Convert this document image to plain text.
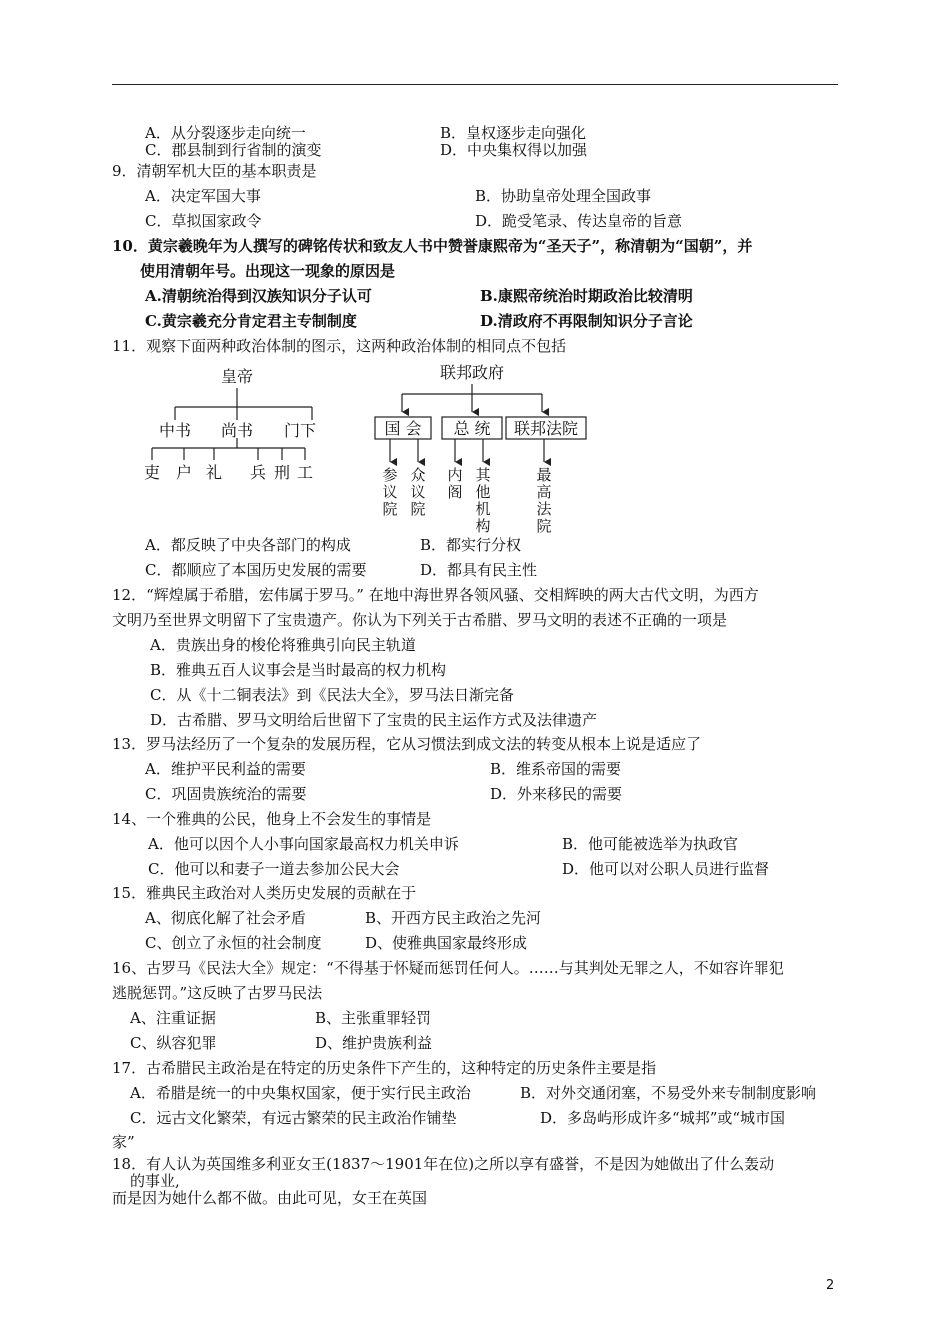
A．从分裂逐步走向统一	B．皇权逐步走向强化
C．郡县制到行省制的演变	D．中央集权得以加强
9．清朝军机大臣的基本职责是
A．决定军国大事	B．协助皇帝处理全国政事
C．草拟国家政令	D．跪受笔录、传达皇帝的旨意
10．黄宗羲晚年为人撰写的碑铭传状和致友人书中赞誉康熙帝为“圣天子”，称清朝为“国朝”，并
使用清朝年号。出现这一现象的原因是
A.清朝统治得到汉族知识分子认可	B.康熙帝统治时期政治比较清明
C.黄宗羲充分肯定君主专制制度	D.清政府不再限制知识分子言论
11．观察下面两种政治体制的图示，这两种政治体制的相同点不包括
皇帝
中书 尚书 门下
吏 户 礼 兵 刑 工
联邦政府
国 会 总 统 联邦法院
参议院
众议院
内阁
其他机构
最高法院
A．都反映了中央各部门的构成	B．都实行分权
C．都顺应了本国历史发展的需要	D．都具有民主性
12．“辉煌属于希腊，宏伟属于罗马。” 在地中海世界各领风骚、交相辉映的两大古代文明，为西方
文明乃至世界文明留下了宝贵遗产。你认为下列关于古希腊、罗马文明的表述不正确的一项是
A．贵族出身的梭伦将雅典引向民主轨道
B．雅典五百人议事会是当时最高的权力机构
C．从《十二铜表法》到《民法大全》，罗马法日渐完备
D．古希腊、罗马文明给后世留下了宝贵的民主运作方式及法律遗产
13．罗马法经历了一个复杂的发展历程，它从习惯法到成文法的转变从根本上说是适应了
A．维护平民利益的需要	B．维系帝国的需要
C．巩固贵族统治的需要	D．外来移民的需要
14、一个雅典的公民，他身上不会发生的事情是
A．他可以因个人小事向国家最高权力机关申诉	B．他可能被选举为执政官
C．他可以和妻子一道去参加公民大会	D．他可以对公职人员进行监督
15．雅典民主政治对人类历史发展的贡献在于
A、彻底化解了社会矛盾	B、开西方民主政治之先河
C、创立了永恒的社会制度	D、使雅典国家最终形成
16、古罗马《民法大全》规定：“不得基于怀疑而惩罚任何人。……与其判处无罪之人，不如容许罪犯
逃脱惩罚。”这反映了古罗马民法
A、注重证据	B、主张重罪轻罚
C、纵容犯罪	D、维护贵族利益
17．古希腊民主政治是在特定的历史条件下产生的，这种特定的历史条件主要是指
A．希腊是统一的中央集权国家，便于实行民主政治	B．对外交通闭塞，不易受外来专制制度影响
C．远古文化繁荣，有远古繁荣的民主政治作铺垫	D．多岛屿形成许多“城邦”或“城市国
家”
18．有人认为英国维多利亚女王(1837～1901年在位)之所以享有盛誉，不是因为她做出了什么轰动
的事业,
而是因为她什么都不做。由此可见，女王在英国
2
